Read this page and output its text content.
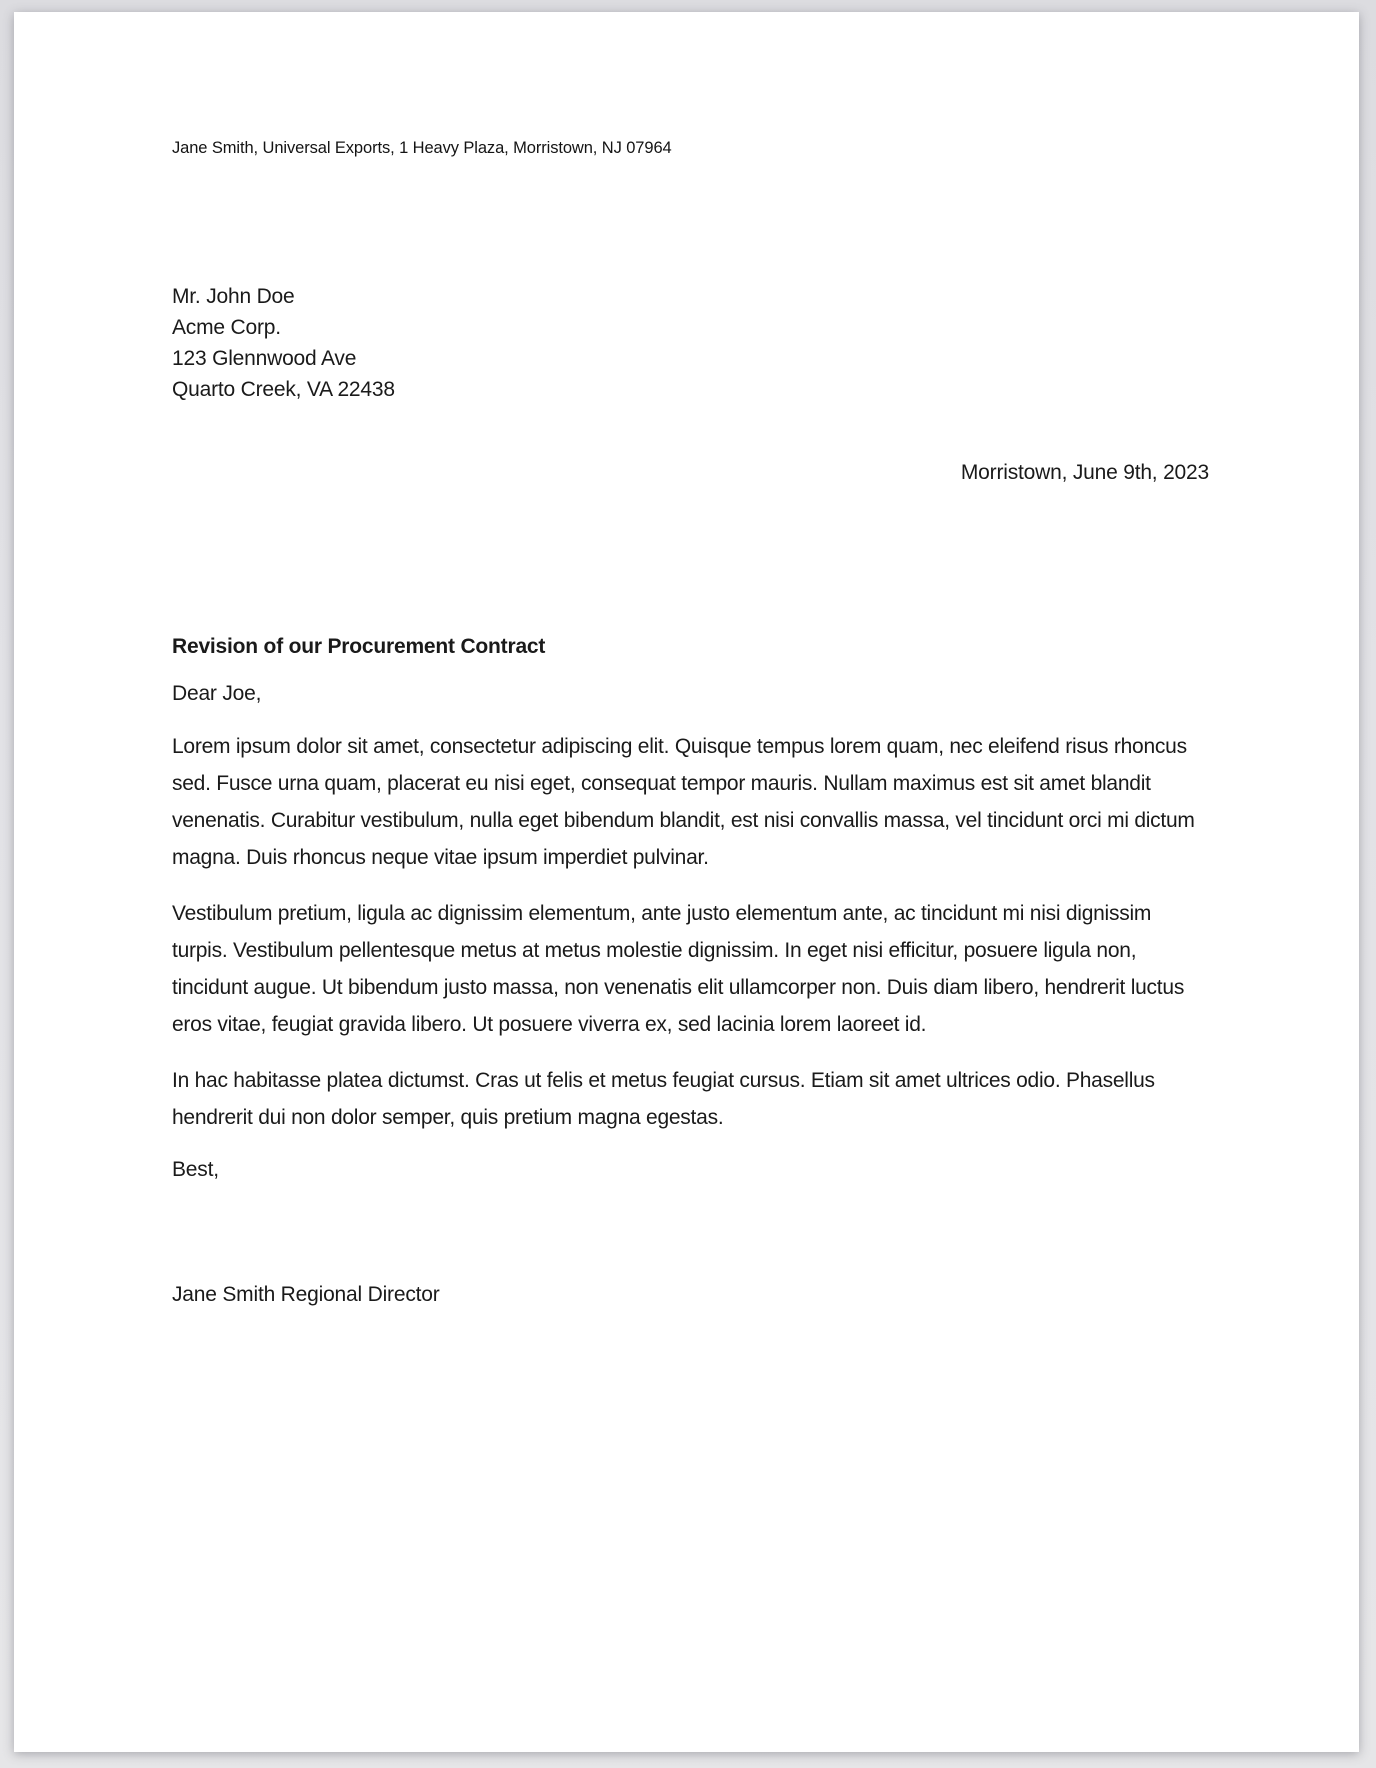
Jane Smith, Universal Exports, 1 Heavy Plaza, Morristown, NJ 07964
Mr. John Doe
Acme Corp.
123 Glennwood Ave
Quarto Creek, VA 22438
Morristown, June 9th, 2023
Revision of our Procurement Contract
Dear Joe,

Lorem ipsum dolor sit amet, consectetur adipiscing elit. Quisque tempus lorem quam, nec eleifend risus rhoncus sed. Fusce urna quam, placerat eu nisi eget, consequat tempor mauris. Nullam maximus est sit amet blandit venenatis. Curabitur vestibulum, nulla eget bibendum blandit, est nisi convallis massa, vel tincidunt orci mi dictum magna. Duis rhoncus neque vitae ipsum imperdiet pulvinar.

Vestibulum pretium, ligula ac dignissim elementum, ante justo elementum ante, ac tincidunt mi nisi dignissim turpis. Vestibulum pellentesque metus at metus molestie dignissim. In eget nisi efficitur, posuere ligula non, tincidunt augue. Ut bibendum justo massa, non venenatis elit ullamcorper non. Duis diam libero, hendrerit luctus eros vitae, feugiat gravida libero. Ut posuere viverra ex, sed lacinia lorem laoreet id.

In hac habitasse platea dictumst. Cras ut felis et metus feugiat cursus. Etiam sit amet ultrices odio. Phasellus hendrerit dui non dolor semper, quis pretium magna egestas.

Best,
Jane Smith Regional Director
